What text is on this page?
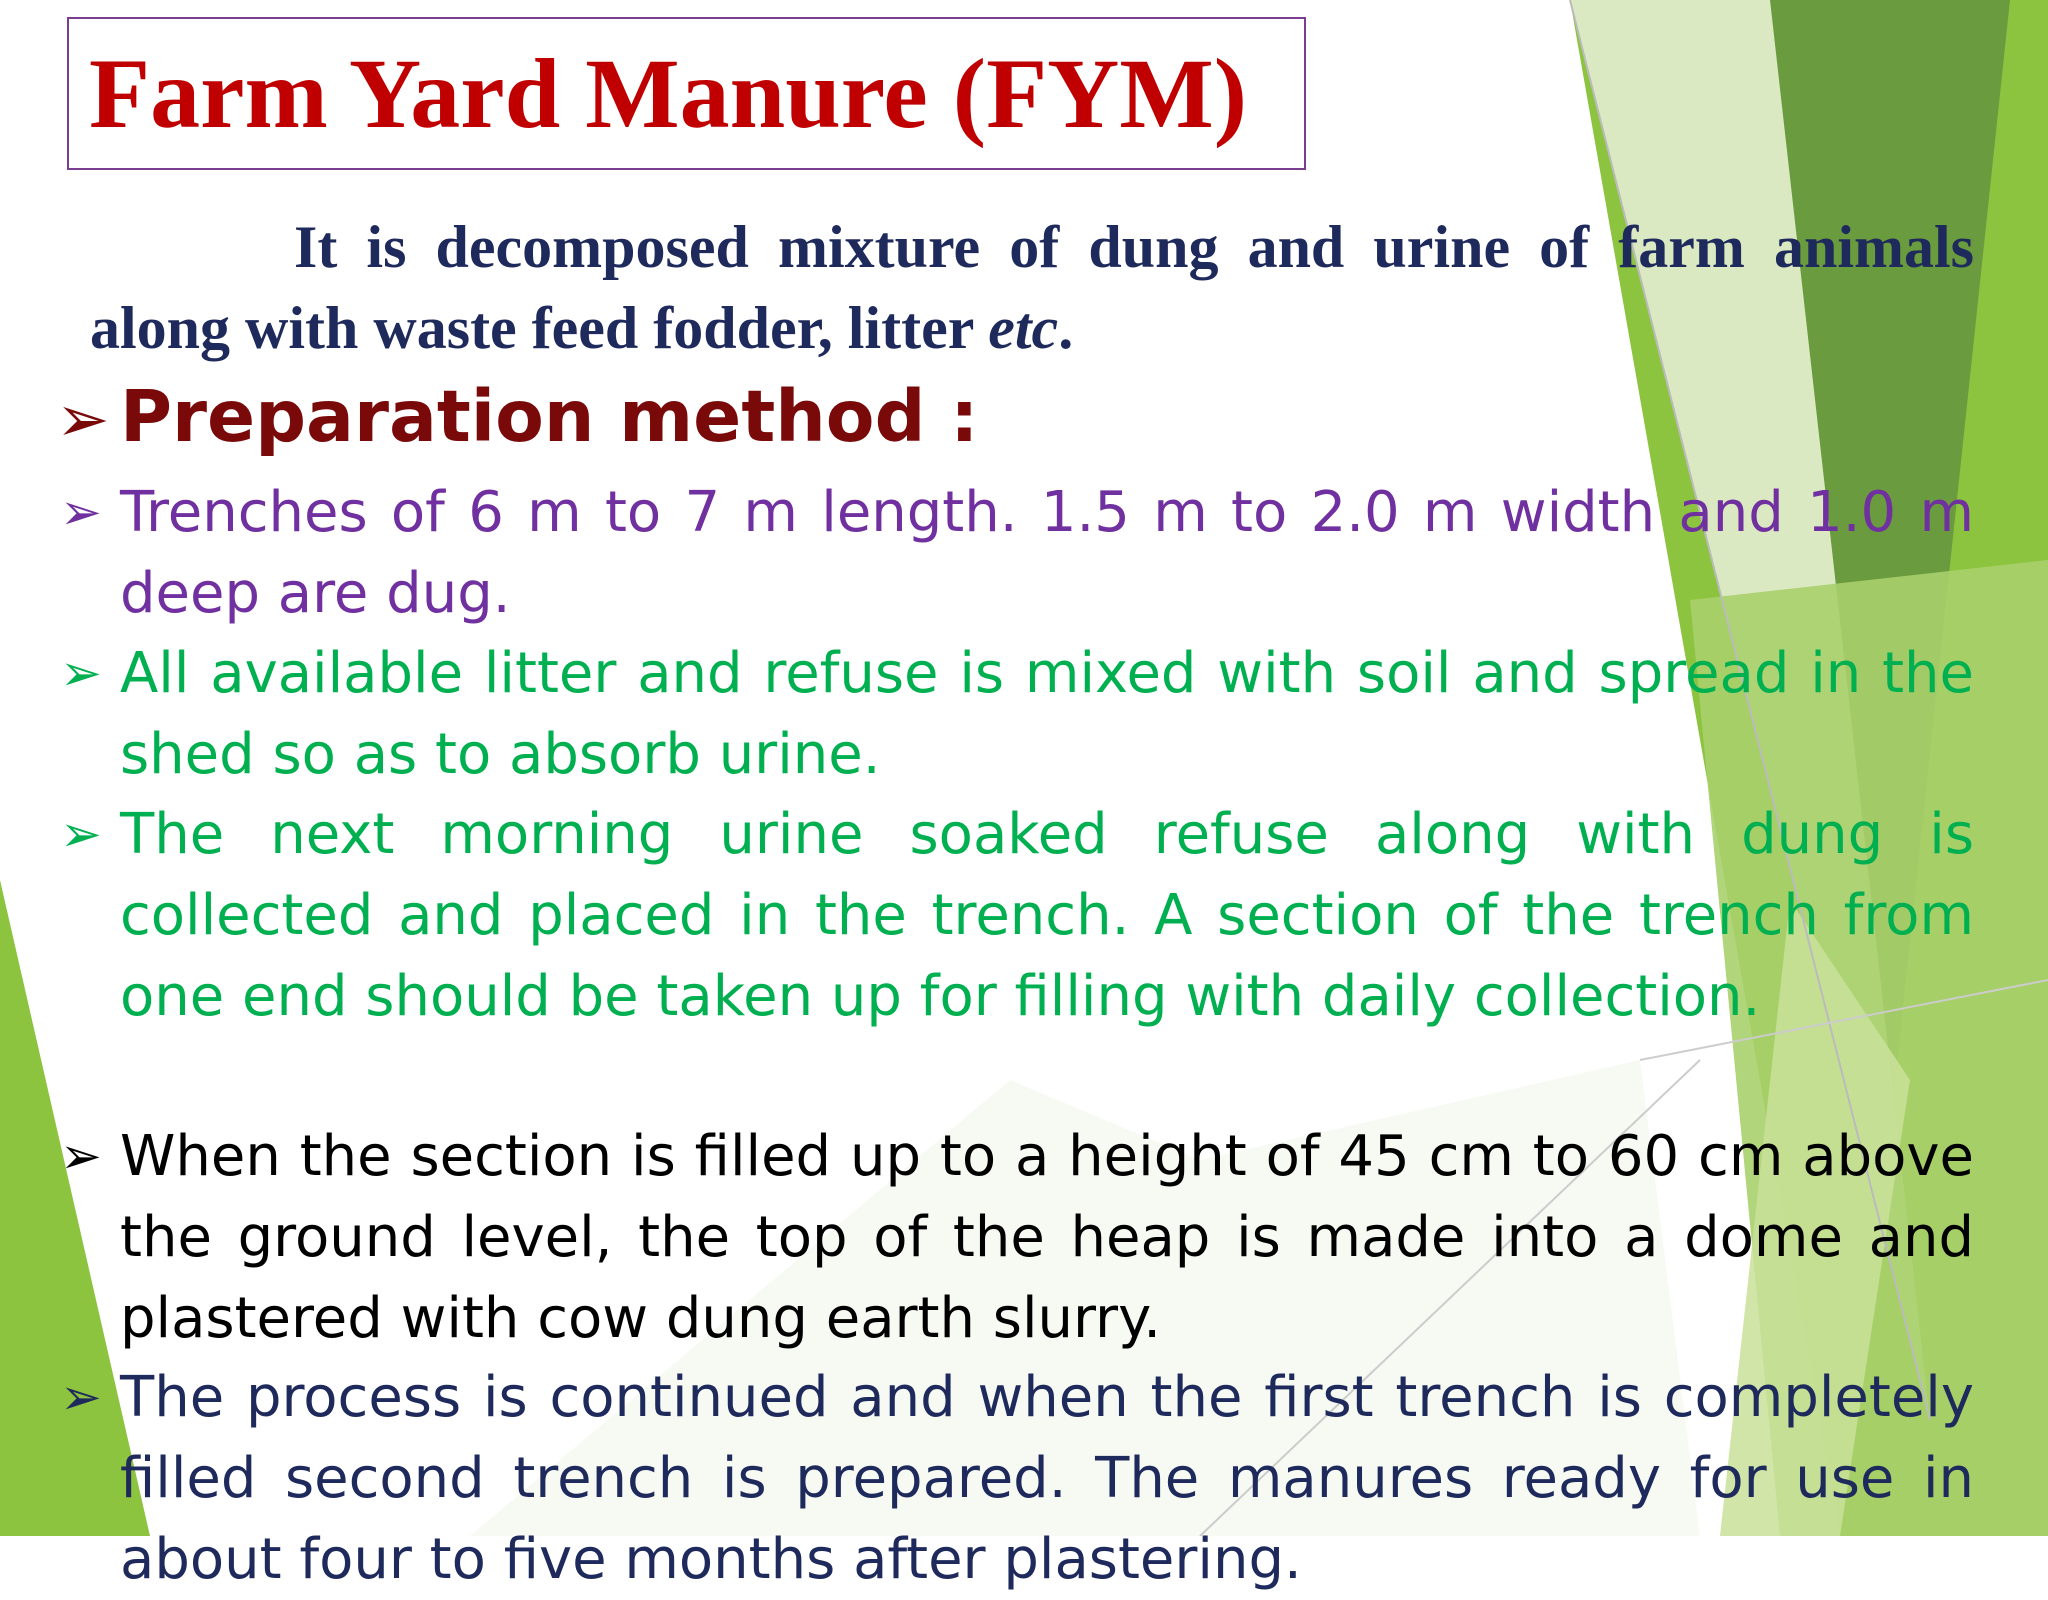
Farm Yard Manure (FYM)

It is decomposed mixture of dung and urine of farm animals along with waste feed fodder, litter etc.

➢ Preparation method :
➢ Trenches of 6 m to 7 m length. 1.5 m to 2.0 m width and 1.0 m deep are dug.
➢ All available litter and refuse is mixed with soil and spread in the shed so as to absorb urine.
➢ The next morning urine soaked refuse along with dung is collected and placed in the trench. A section of the trench from one end should be taken up for filling with daily collection.
➢ When the section is filled up to a height of 45 cm to 60 cm above the ground level, the top of the heap is made into a dome and plastered with cow dung earth slurry.
➢ The process is continued and when the first trench is completely filled second trench is prepared. The manures ready for use in about four to five months after plastering.
